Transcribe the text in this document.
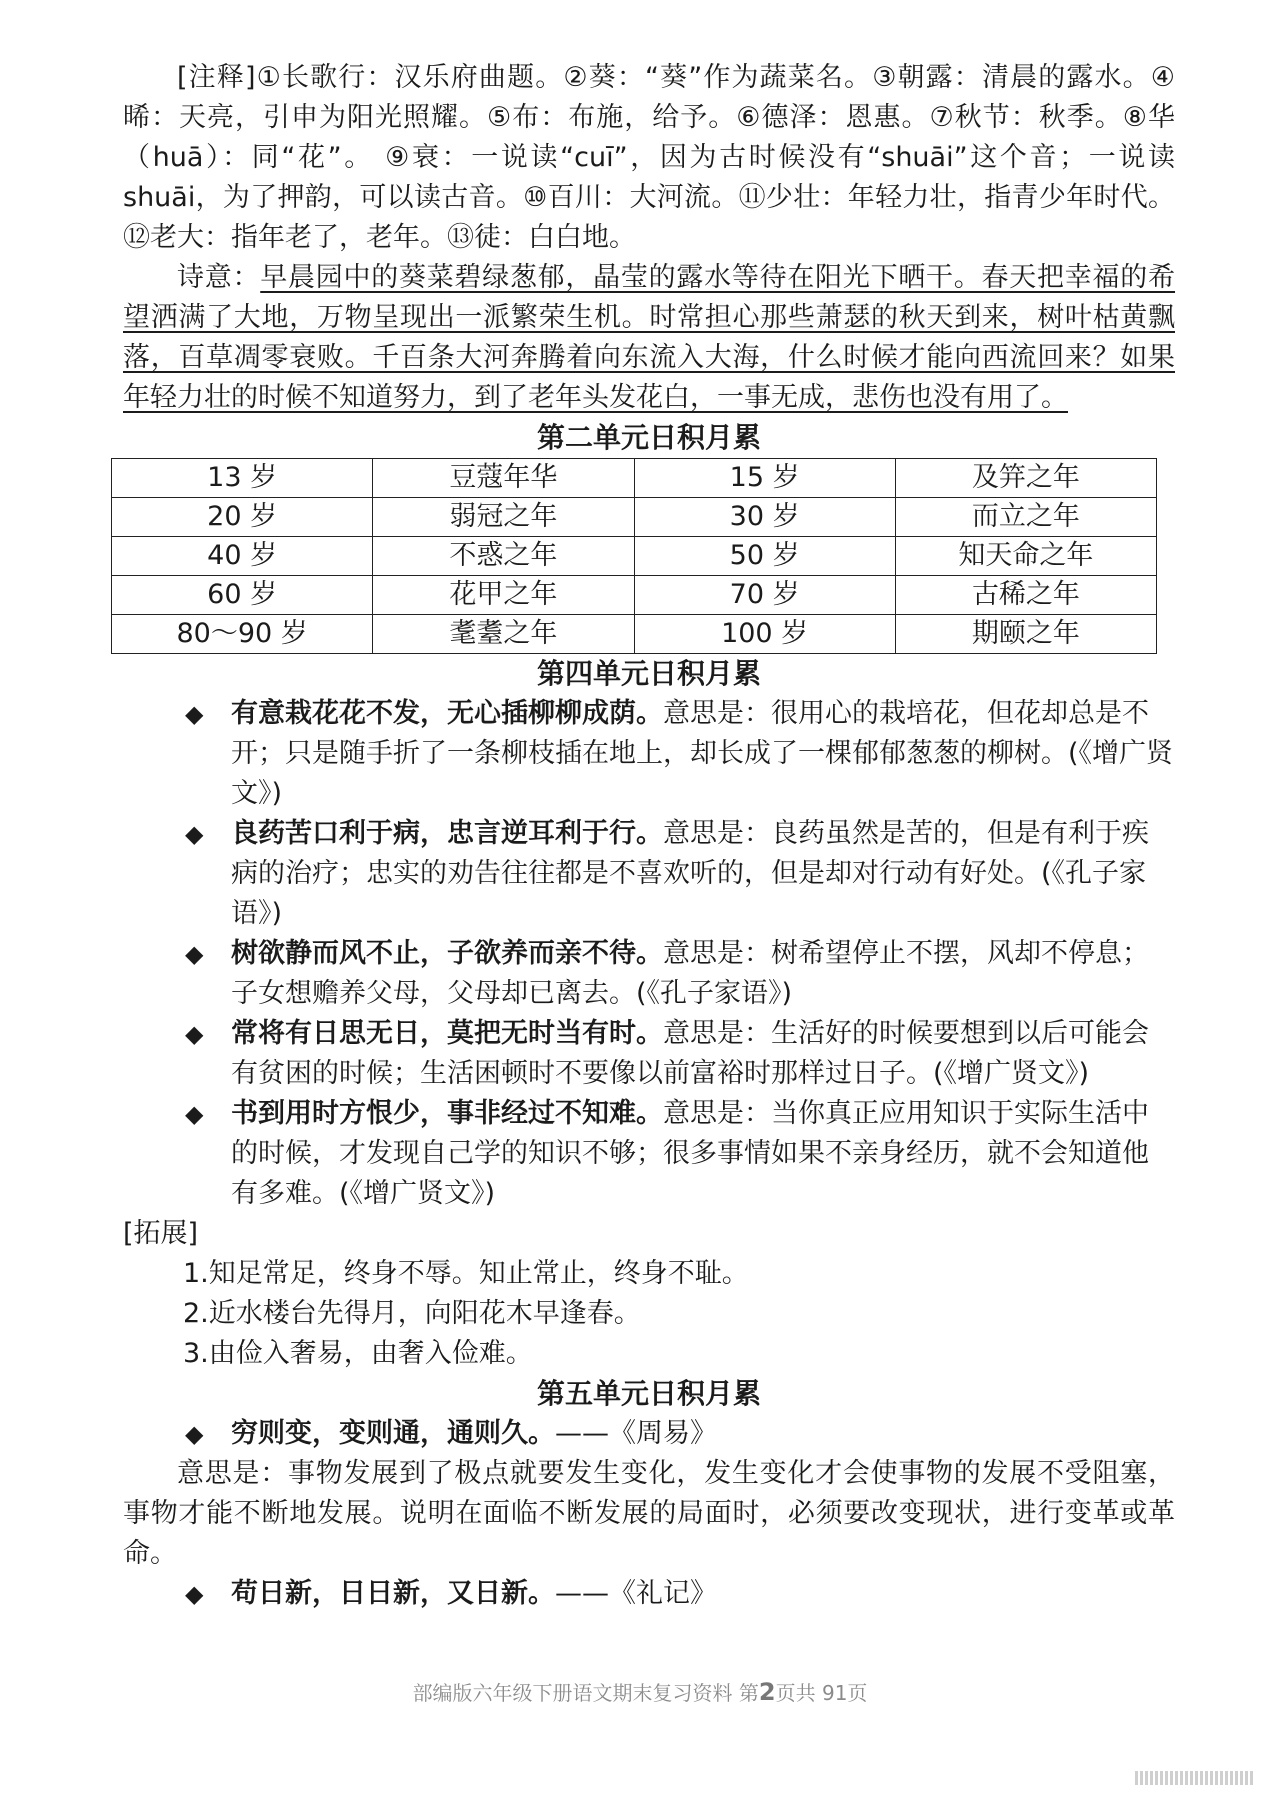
[注释]①长歌行：汉乐府曲题。②葵：“葵”作为蔬菜名。③朝露：清晨的露水。④晞：天亮，引申为阳光照耀。⑤布：布施，给予。⑥德泽：恩惠。⑦秋节：秋季。⑧华（huā）：同“花”。 ⑨衰：一说读“cuī”，因为古时候没有“shuāi”这个音；一说读 shuāi，为了押韵，可以读古音。⑩百川：大河流。⑪少壮：年轻力壮，指青少年时代。⑫老大：指年老了，老年。⑬徒：白白地。

诗意：早晨园中的葵菜碧绿葱郁，晶莹的露水等待在阳光下晒干。春天把幸福的希望洒满了大地，万物呈现出一派繁荣生机。时常担心那些萧瑟的秋天到来，树叶枯黄飘落，百草凋零衰败。千百条大河奔腾着向东流入大海，什么时候才能向西流回来？如果年轻力壮的时候不知道努力，到了老年头发花白，一事无成，悲伤也没有用了。

第二单元日积月累

13 岁	豆蔻年华	15 岁	及笄之年
20 岁	弱冠之年	30 岁	而立之年
40 岁	不惑之年	50 岁	知天命之年
60 岁	花甲之年	70 岁	古稀之年
80～90 岁	耄耋之年	100 岁	期颐之年

第四单元日积月累

◆ 有意栽花花不发，无心插柳柳成荫。意思是：很用心的栽培花，但花却总是不开；只是随手折了一条柳枝插在地上，却长成了一棵郁郁葱葱的柳树。(《增广贤文》)
◆ 良药苦口利于病，忠言逆耳利于行。意思是：良药虽然是苦的，但是有利于疾病的治疗；忠实的劝告往往都是不喜欢听的，但是却对行动有好处。(《孔子家语》)
◆ 树欲静而风不止，子欲养而亲不待。意思是：树希望停止不摆，风却不停息；子女想赡养父母，父母却已离去。(《孔子家语》)
◆ 常将有日思无日，莫把无时当有时。意思是：生活好的时候要想到以后可能会有贫困的时候；生活困顿时不要像以前富裕时那样过日子。(《增广贤文》)
◆ 书到用时方恨少，事非经过不知难。意思是：当你真正应用知识于实际生活中的时候，才发现自己学的知识不够；很多事情如果不亲身经历，就不会知道他有多难。(《增广贤文》)

[拓展]

1.知足常足，终身不辱。知止常止，终身不耻。

2.近水楼台先得月，向阳花木早逢春。

3.由俭入奢易，由奢入俭难。

第五单元日积月累

◆ 穷则变，变则通，通则久。——《周易》

意思是：事物发展到了极点就要发生变化，发生变化才会使事物的发展不受阻塞，事物才能不断地发展。说明在面临不断发展的局面时，必须要改变现状，进行变革或革命。

◆ 苟日新，日日新，又日新。——《礼记》
部编版六年级下册语文期末复习资料 第2页共 91页
